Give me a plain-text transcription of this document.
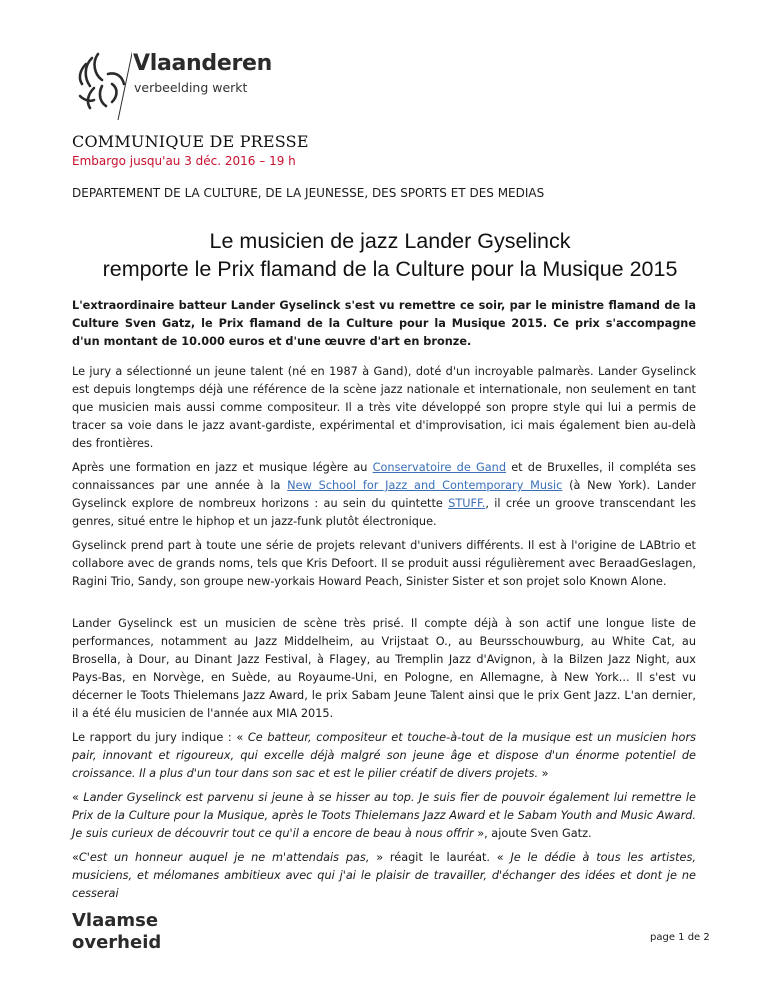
Vlaanderen
verbeelding werkt
COMMUNIQUE DE PRESSE
Embargo jusqu'au 3 déc. 2016 – 19 h
DEPARTEMENT DE LA CULTURE, DE LA JEUNESSE, DES SPORTS ET DES MEDIAS
Le musicien de jazz Lander Gyselinck
remporte le Prix flamand de la Culture pour la Musique 2015

L'extraordinaire batteur Lander Gyselinck s'est vu remettre ce soir, par le ministre flamand de la Culture Sven Gatz, le Prix flamand de la Culture pour la Musique 2015. Ce prix s'accompagne d'un montant de 10.000 euros et d'une œuvre d'art en bronze.

Le jury a sélectionné un jeune talent (né en 1987 à Gand), doté d'un incroyable palmarès. Lander Gyselinck est depuis longtemps déjà une référence de la scène jazz nationale et internationale, non seulement en tant que musicien mais aussi comme compositeur. Il a très vite développé son propre style qui lui a permis de tracer sa voie dans le jazz avant-gardiste, expérimental et d'improvisation, ici mais également bien au-delà des frontières.

Après une formation en jazz et musique légère au Conservatoire de Gand et de Bruxelles, il compléta ses connaissances par une année à la New School for Jazz and Contemporary Music (à New York). Lander Gyselinck explore de nombreux horizons : au sein du quintette STUFF., il crée un groove transcendant les genres, situé entre le hiphop et un jazz-funk plutôt électronique.

Gyselinck prend part à toute une série de projets relevant d'univers différents. Il est à l'origine de LABtrio et collabore avec de grands noms, tels que Kris Defoort. Il se produit aussi régulièrement avec BeraadGeslagen, Ragini Trio, Sandy, son groupe new-yorkais Howard Peach, Sinister Sister et son projet solo Known Alone.

Lander Gyselinck est un musicien de scène très prisé. Il compte déjà à son actif une longue liste de performances, notamment au Jazz Middelheim, au Vrijstaat O., au Beursschouwburg, au White Cat, au Brosella, à Dour, au Dinant Jazz Festival, à Flagey, au Tremplin Jazz d'Avignon, à la Bilzen Jazz Night, aux Pays-Bas, en Norvège, en Suède, au Royaume-Uni, en Pologne, en Allemagne, à New York... Il s'est vu décerner le Toots Thielemans Jazz Award, le prix Sabam Jeune Talent ainsi que le prix Gent Jazz. L'an dernier, il a été élu musicien de l'année aux MIA 2015.

Le rapport du jury indique : « Ce batteur, compositeur et touche-à-tout de la musique est un musicien hors pair, innovant et rigoureux, qui excelle déjà malgré son jeune âge et dispose d'un énorme potentiel de croissance. Il a plus d'un tour dans son sac et est le pilier créatif de divers projets. »

« Lander Gyselinck est parvenu si jeune à se hisser au top. Je suis fier de pouvoir également lui remettre le Prix de la Culture pour la Musique, après le Toots Thielemans Jazz Award et le Sabam Youth and Music Award. Je suis curieux de découvrir tout ce qu'il a encore de beau à nous offrir », ajoute Sven Gatz.

«C'est un honneur auquel je ne m'attendais pas, » réagit le lauréat. « Je le dédie à tous les artistes, musiciens, et mélomanes ambitieux avec qui j'ai le plaisir de travailler, d'échanger des idées et dont je ne cesserai

Vlaamse
overheid	page 1 de 2
